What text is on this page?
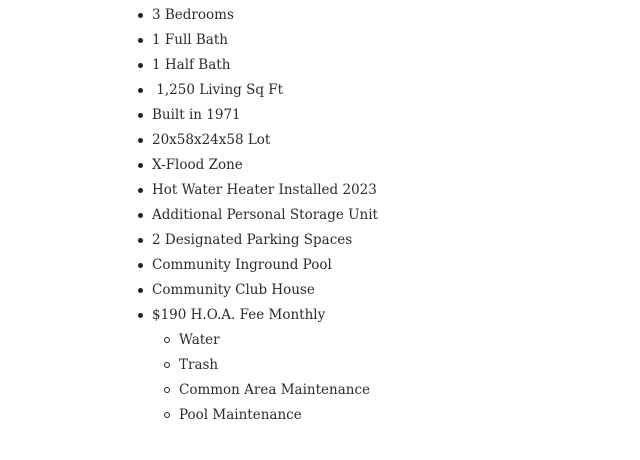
3 Bedrooms
1 Full Bath
1 Half Bath
1,250 Living Sq Ft
Built in 1971
20x58x24x58 Lot
X-Flood Zone
Hot Water Heater Installed 2023
Additional Personal Storage Unit
2 Designated Parking Spaces
Community Inground Pool
Community Club House
$190 H.O.A. Fee Monthly
Water
Trash
Common Area Maintenance
Pool Maintenance
